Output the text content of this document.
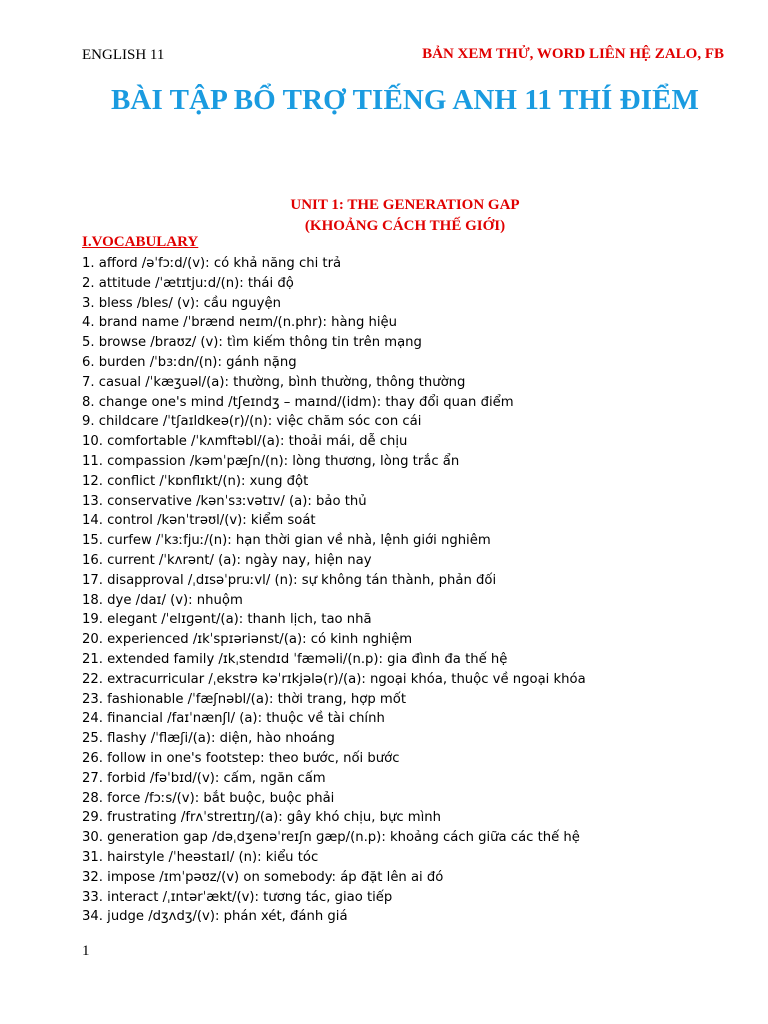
ENGLISH 11	BẢN XEM THỬ, WORD LIÊN HỆ ZALO, FB
BÀI TẬP BỔ TRỢ TIẾNG ANH 11 THÍ ĐIỂM
UNIT 1: THE GENERATION GAP
(KHOẢNG CÁCH THẾ GIỚI)
I.VOCABULARY
1. afford /əˈfɔːd/(v): có khả năng chi trả
2. attitude /ˈætɪtjuːd/(n): thái độ
3. bless /bles/ (v): cầu nguyện
4. brand name /ˈbrænd neɪm/(n.phr): hàng hiệu
5. browse /braʊz/ (v): tìm kiếm thông tin trên mạng
6. burden /ˈbɜːdn/(n): gánh nặng
7. casual /ˈkæʒuəl/(a): thường, bình thường, thông thường
8. change one's mind /tʃeɪndʒ – maɪnd/(idm): thay đổi quan điểm
9. childcare /ˈtʃaɪldkeə(r)/(n): việc chăm sóc con cái
10. comfortable /ˈkʌmftəbl/(a): thoải mái, dễ chịu
11. compassion /kəmˈpæʃn/(n): lòng thương, lòng trắc ẩn
12. conflict /ˈkɒnflɪkt/(n): xung đột
13. conservative /kənˈsɜːvətɪv/ (a): bảo thủ
14. control /kənˈtrəʊl/(v): kiểm soát
15. curfew /ˈkɜːfjuː/(n): hạn thời gian về nhà, lệnh giới nghiêm
16. current /ˈkʌrənt/ (a): ngày nay, hiện nay
17. disapproval /ˌdɪsəˈpruːvl/ (n): sự không tán thành, phản đối
18. dye /daɪ/ (v): nhuộm
19. elegant /ˈelɪɡənt/(a): thanh lịch, tao nhã
20. experienced /ɪkˈspɪəriənst/(a): có kinh nghiệm
21. extended family /ɪkˌstendɪd ˈfæməli/(n.p): gia đình đa thế hệ
22. extracurricular /ˌekstrə kəˈrɪkjələ(r)/(a): ngoại khóa, thuộc về ngoại khóa
23. fashionable /ˈfæʃnəbl/(a): thời trang, hợp mốt
24. financial /faɪˈnænʃl/ (a): thuộc về tài chính
25. flashy /ˈflæʃi/(a): diện, hào nhoáng
26. follow in one's footstep: theo bước, nối bước
27. forbid /fəˈbɪd/(v): cấm, ngăn cấm
28. force /fɔːs/(v): bắt buộc, buộc phải
29. frustrating /frʌˈstreɪtɪŋ/(a): gây khó chịu, bực mình
30. generation gap /dəˌdʒenəˈreɪʃn ɡæp/(n.p): khoảng cách giữa các thế hệ
31. hairstyle /ˈheəstaɪl/ (n): kiểu tóc
32. impose /ɪmˈpəʊz/(v) on somebody: áp đặt lên ai đó
33. interact /ˌɪntərˈækt/(v): tương tác, giao tiếp
34. judge /dʒʌdʒ/(v): phán xét, đánh giá
1
